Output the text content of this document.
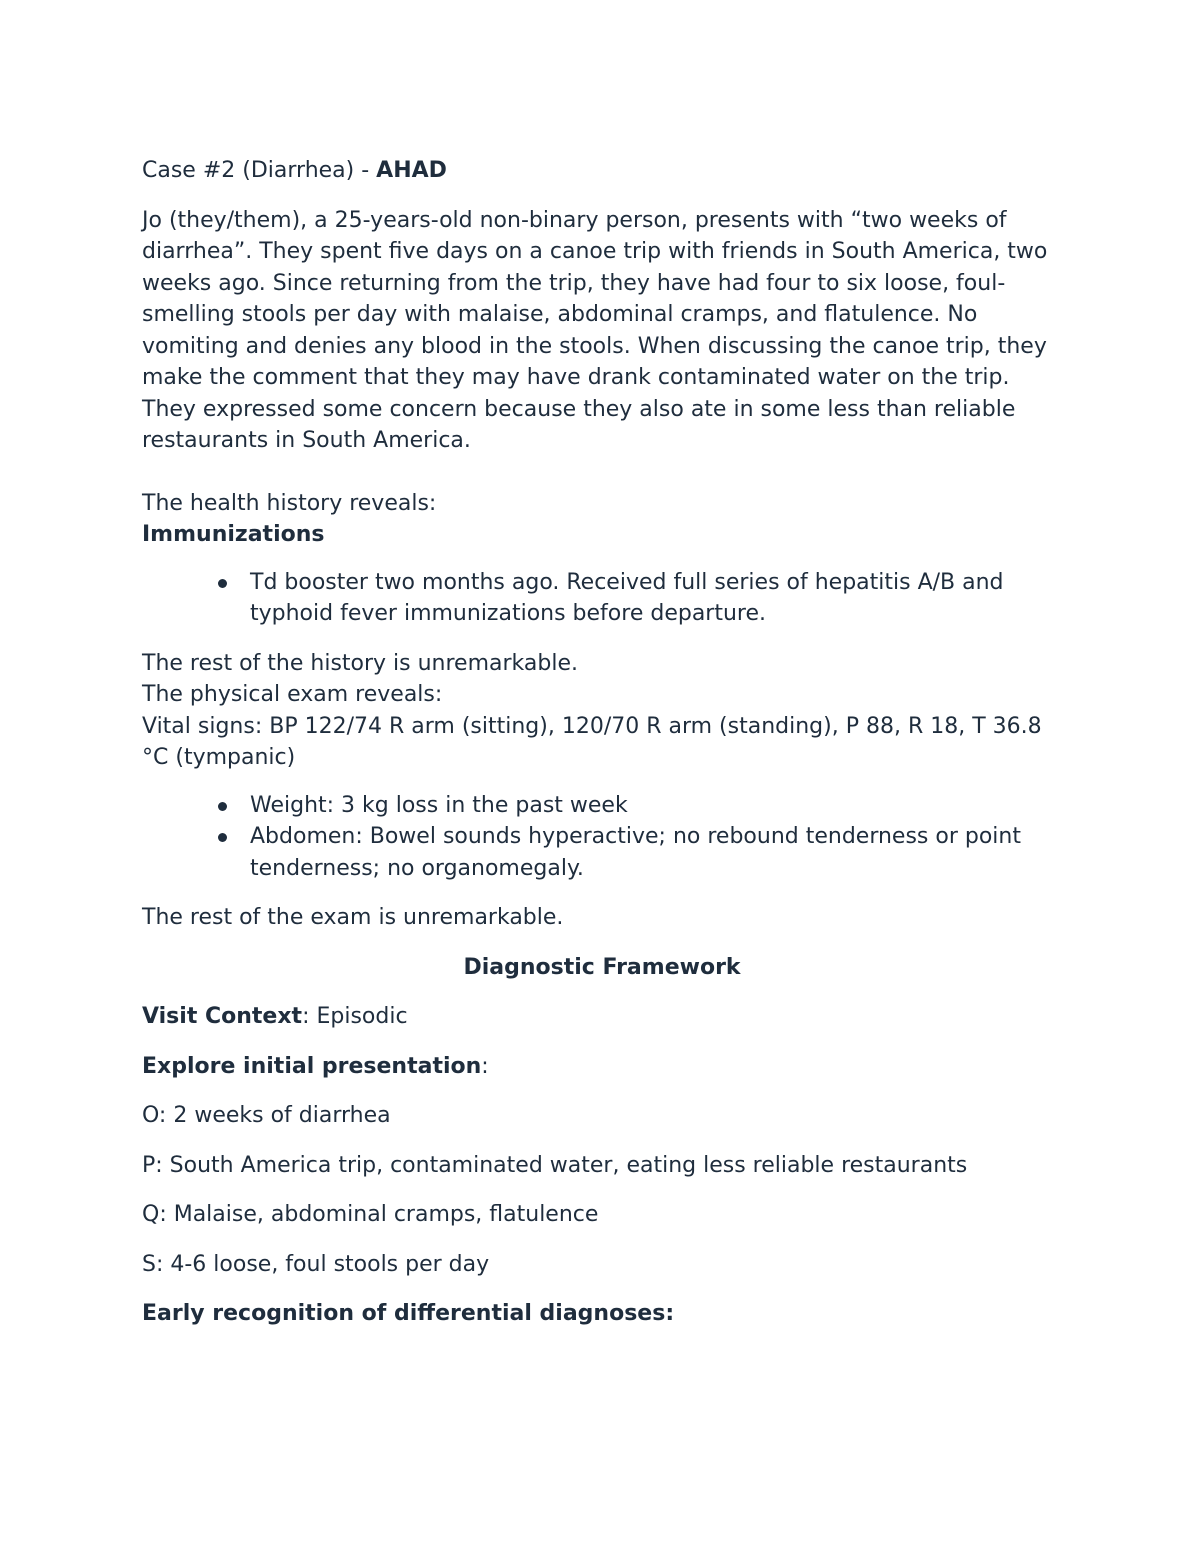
Case #2 (Diarrhea) - AHAD

Jo (they/them), a 25-years-old non-binary person, presents with “two weeks of diarrhea”. They spent five days on a canoe trip with friends in South America, two weeks ago. Since returning from the trip, they have had four to six loose, foul-smelling stools per day with malaise, abdominal cramps, and flatulence. No vomiting and denies any blood in the stools. When discussing the canoe trip, they make the comment that they may have drank contaminated water on the trip. They expressed some concern because they also ate in some less than reliable restaurants in South America.

The health history reveals:

Immunizations

Td booster two months ago. Received full series of hepatitis A/B and typhoid fever immunizations before departure.

The rest of the history is unremarkable.

The physical exam reveals:

Vital signs: BP 122/74 R arm (sitting), 120/70 R arm (standing), P 88, R 18, T 36.8 °C (tympanic)

Weight: 3 kg loss in the past week
Abdomen: Bowel sounds hyperactive; no rebound tenderness or point tenderness; no organomegaly.

The rest of the exam is unremarkable.

Diagnostic Framework

Visit Context: Episodic

Explore initial presentation:

O: 2 weeks of diarrhea

P: South America trip, contaminated water, eating less reliable restaurants

Q: Malaise, abdominal cramps, flatulence

S: 4-6 loose, foul stools per day

Early recognition of differential diagnoses:
